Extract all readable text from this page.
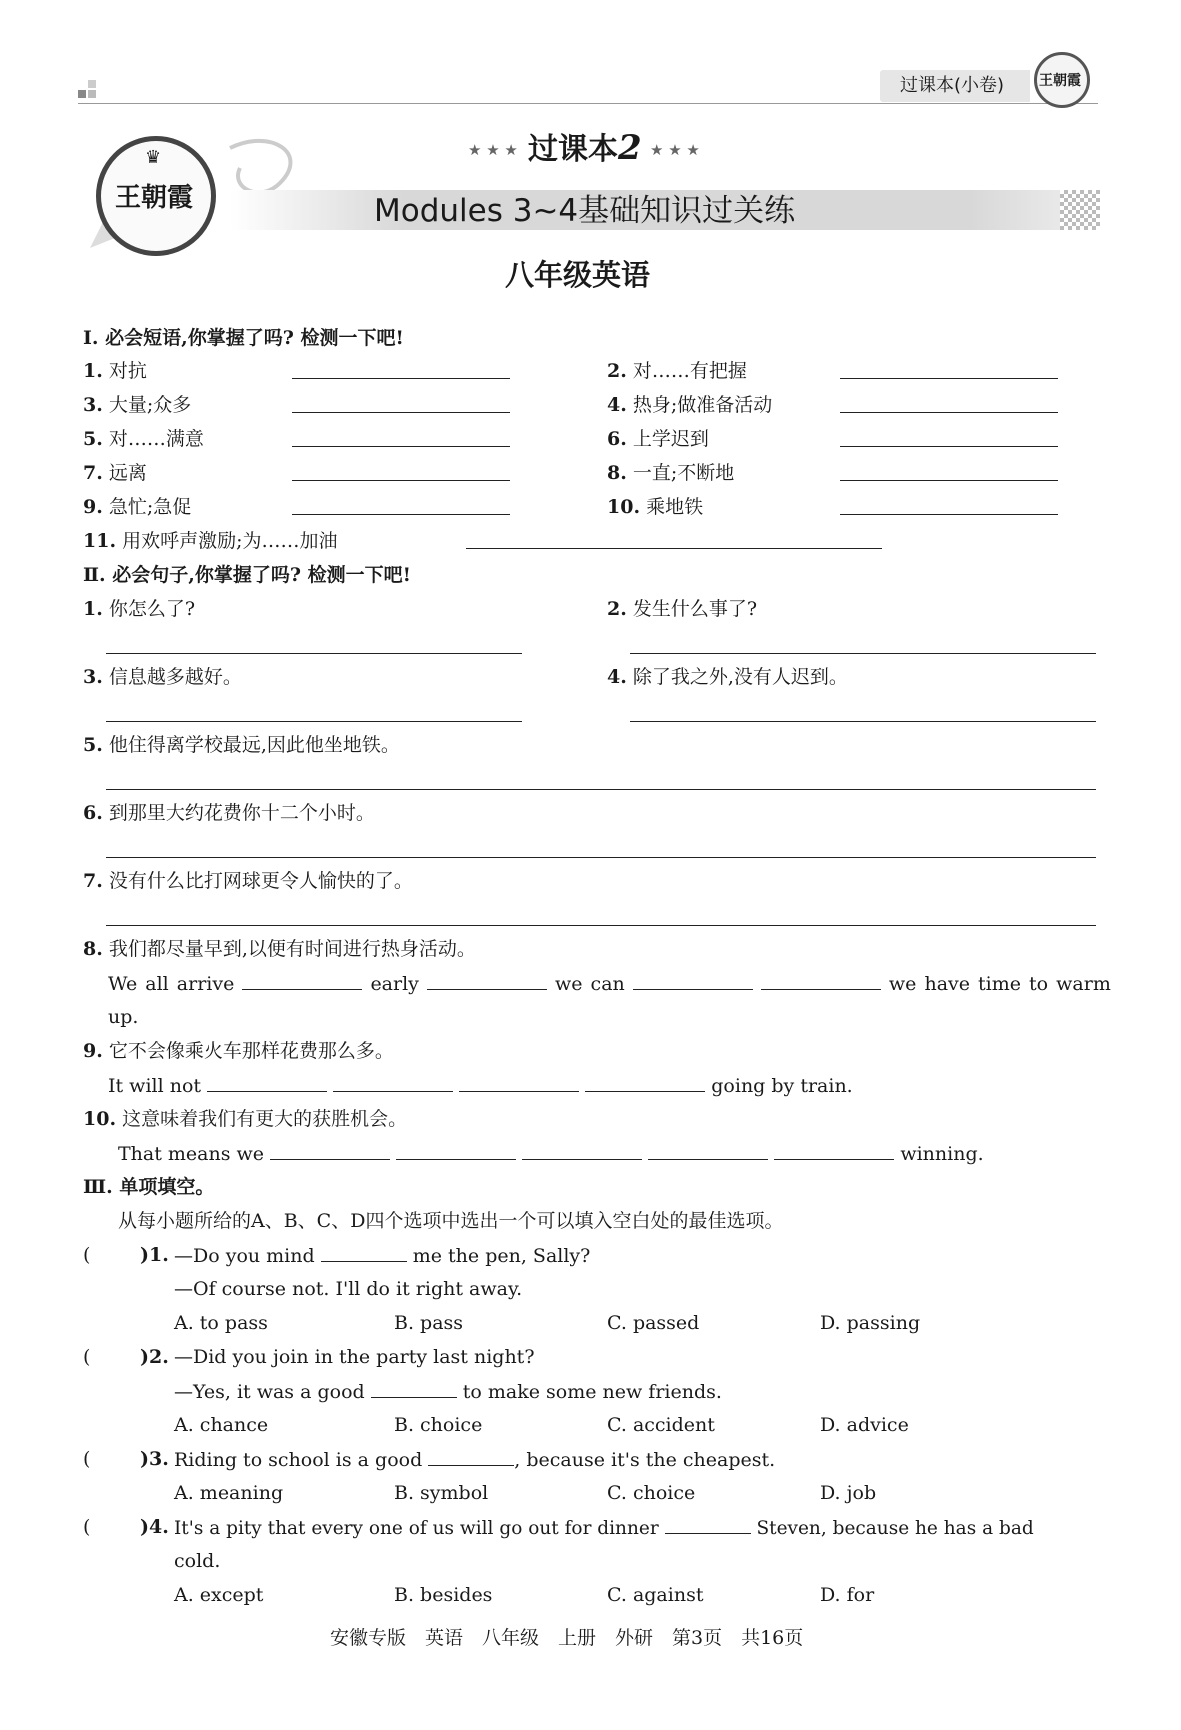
过课本(小卷) 王朝霞
♛
王朝霞
★ ★ ★ 过课本2 ★ ★ ★
Modules 3~4基础知识过关练
八年级英语
Ⅰ. 必会短语,你掌握了吗? 检测一下吧!
1. 对抗	2. 对……有把握
3. 大量;众多	4. 热身;做准备活动
5. 对……满意	6. 上学迟到
7. 远离	8. 一直;不断地
9. 急忙;急促	10. 乘地铁
11. 用欢呼声激励;为……加油
Ⅱ. 必会句子,你掌握了吗? 检测一下吧!
1. 你怎么了?	2. 发生什么事了?
3. 信息越多越好。	4. 除了我之外,没有人迟到。
5. 他住得离学校最远,因此他坐地铁。
6. 到那里大约花费你十二个小时。
7. 没有什么比打网球更令人愉快的了。
8. 我们都尽量早到,以便有时间进行热身活动。
We all arrive	early	we can	we have time to warm
up.
9. 它不会像乘火车那样花费那么多。
It will not	going by train.
10. 这意味着我们有更大的获胜机会。
That means we	winning.
Ⅲ. 单项填空。
从每小题所给的A、B、C、D四个选项中选出一个可以填入空白处的最佳选项。
(	)1. —Do you mind	me the pen, Sally?
—Of course not. I'll do it right away.
A. to pass	B. pass	C. passed	D. passing
(	)2. —Did you join in the party last night?
—Yes, it was a good	to make some new friends.
A. chance	B. choice	C. accident	D. advice
(	)3. Riding to school is a good	, because it's the cheapest.
A. meaning	B. symbol	C. choice	D. job
(	)4. It's a pity that every one of us will go out for dinner	Steven, because he has a bad
cold.
A. except	B. besides	C. against	D. for
安徽专版　英语　八年级　上册　外研　第3页　共16页
